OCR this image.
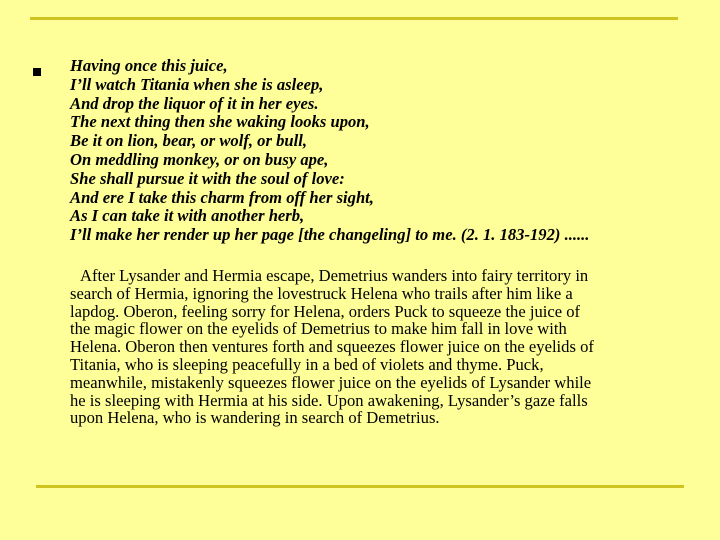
Having once this juice,
I’ll watch Titania when she is asleep,
And drop the liquor of it in her eyes.
The next thing then she waking looks upon,
Be it on lion, bear, or wolf, or bull,
On meddling monkey, or on busy ape,
She shall pursue it with the soul of love:
And ere I take this charm from off her sight,
As I can take it with another herb,
I’ll make her render up her page [the changeling] to me. (2. 1. 183-192) ......
After Lysander and Hermia escape, Demetrius wanders into fairy territory in
search of Hermia, ignoring the lovestruck Helena who trails after him like a
lapdog. Oberon, feeling sorry for Helena, orders Puck to squeeze the juice of
the magic flower on the eyelids of Demetrius to make him fall in love with
Helena. Oberon then ventures forth and squeezes flower juice on the eyelids of
Titania, who is sleeping peacefully in a bed of violets and thyme. Puck,
meanwhile, mistakenly squeezes flower juice on the eyelids of Lysander while
he is sleeping with Hermia at his side. Upon awakening, Lysander’s gaze falls
upon Helena, who is wandering in search of Demetrius.
